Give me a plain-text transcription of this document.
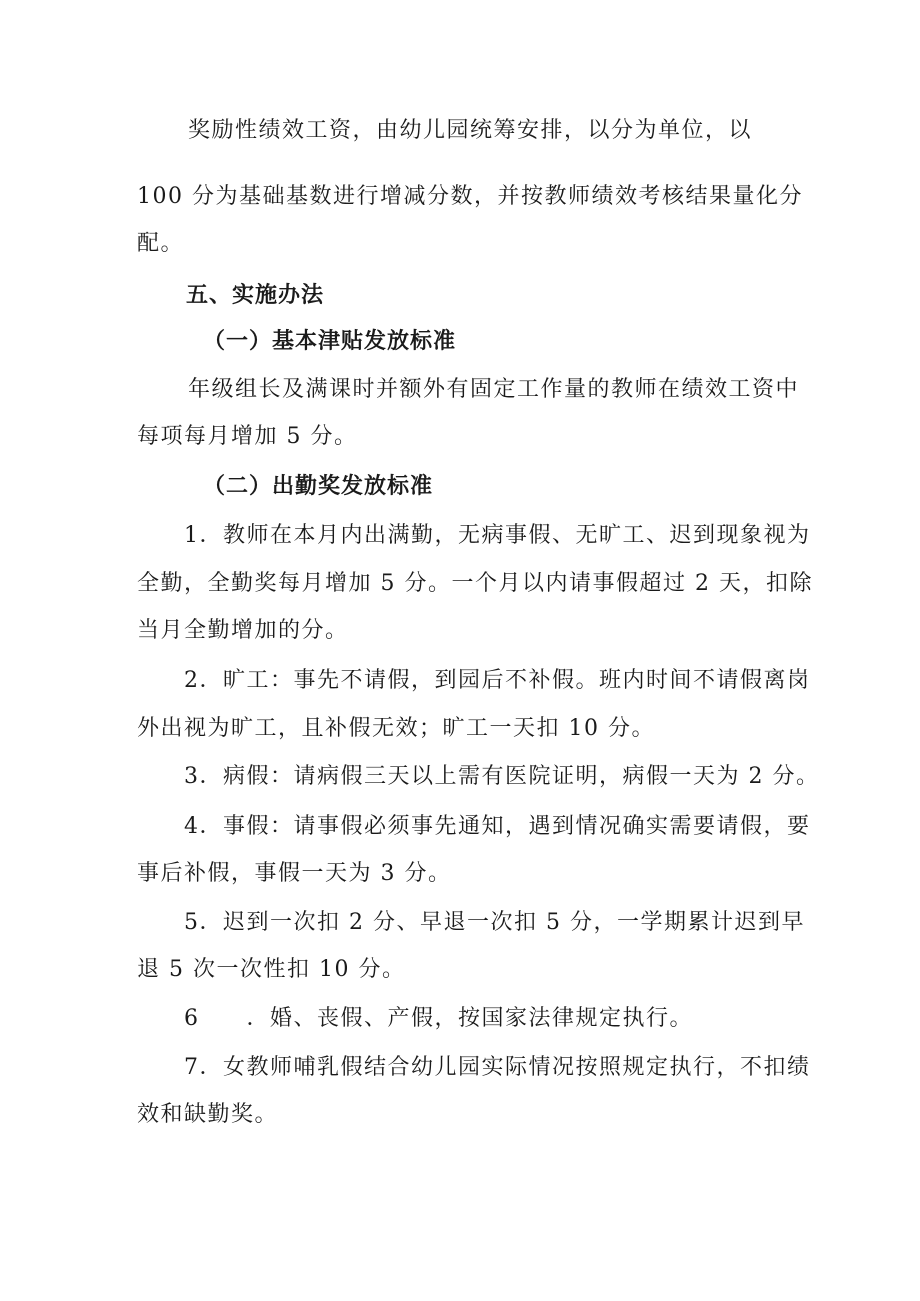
奖励性绩效工资，由幼儿园统筹安排，以分为单位，以
100 分为基础基数进行增减分数，并按教师绩效考核结果量化分
配。
五、实施办法
（一）基本津贴发放标准
年级组长及满课时并额外有固定工作量的教师在绩效工资中
每项每月增加 5 分。
（二）出勤奖发放标准
1．教师在本月内出满勤，无病事假、无旷工、迟到现象视为
全勤，全勤奖每月增加 5 分。一个月以内请事假超过 2 天，扣除
当月全勤增加的分。
2．旷工：事先不请假，到园后不补假。班内时间不请假离岗
外出视为旷工，且补假无效；旷工一天扣 10 分。
3．病假：请病假三天以上需有医院证明，病假一天为 2 分。
4．事假：请事假必须事先通知，遇到情况确实需要请假，要
事后补假，事假一天为 3 分。
5．迟到一次扣 2 分、早退一次扣 5 分，一学期累计迟到早
退 5 次一次性扣 10 分。
6　　．婚、丧假、产假，按国家法律规定执行。
7．女教师哺乳假结合幼儿园实际情况按照规定执行，不扣绩
效和缺勤奖。
